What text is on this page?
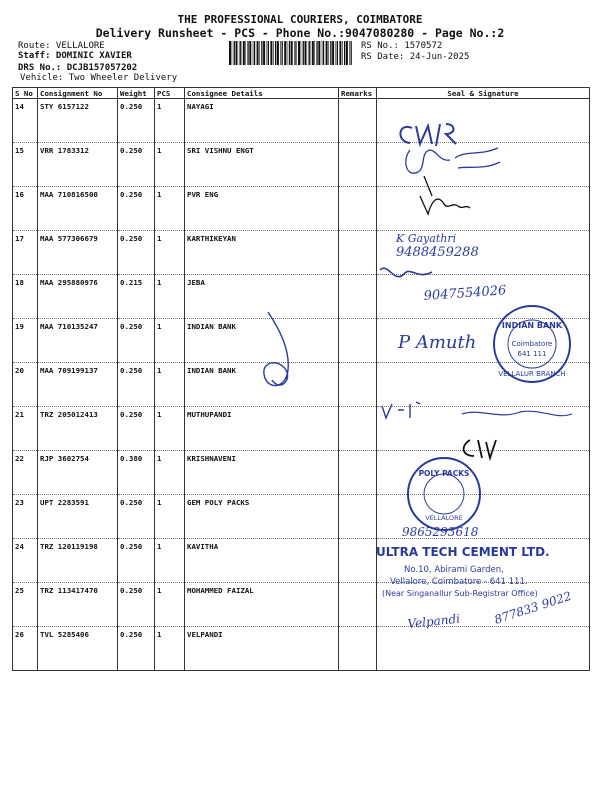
THE PROFESSIONAL COURIERS, COIMBATORE
Delivery Runsheet - PCS - Phone No.:9047080280 - Page No.:2
Route: VELLALORE
Staff: DOMINIC XAVIER
DRS No.: DCJB157057202
Vehicle: Two Wheeler Delivery
RS No.: 1570572
RS Date: 24-Jun-2025
S No	Consignment No	Weight	PCS	Consignee Details	Remarks	Seal & Signature
14	STY 6157122	0.250	1	NAYAGI		
15	VRR 1783312	0.250	1	SRI VISHNU ENGT		
16	MAA 710816500	0.250	1	PVR ENG		
17	MAA 577306679	0.250	1	KARTHIKEYAN		
18	MAA 295880976	0.215	1	JEBA		
19	MAA 710135247	0.250	1	INDIAN BANK		
20	MAA 709199137	0.250	1	INDIAN BANK		
21	TRZ 205012413	0.250	1	MUTHUPANDI		
22	RJP 3602754	0.380	1	KRISHNAVENI		
23	UPT 2283591	0.250	1	GEM POLY PACKS		
24	TRZ 120119198	0.250	1	KAVITHA		
25	TRZ 113417470	0.250	1	MOHAMMED FAIZAL		
26	TVL 5285406	0.250	1	VELPANDI		
K Gayathri
9488459288
9047554026
P Amuth
INDIAN BANK
Coimbatore
641 111
VELLALUR BRANCH
POLY PACKS
VELLALORE
9865293618
ULTRA TECH CEMENT LTD.
No.10, Abirami Garden,
Vellalore, Coimbatore - 641 111.
(Near Singanallur Sub-Registrar Office)
Velpandi	877833 9022
